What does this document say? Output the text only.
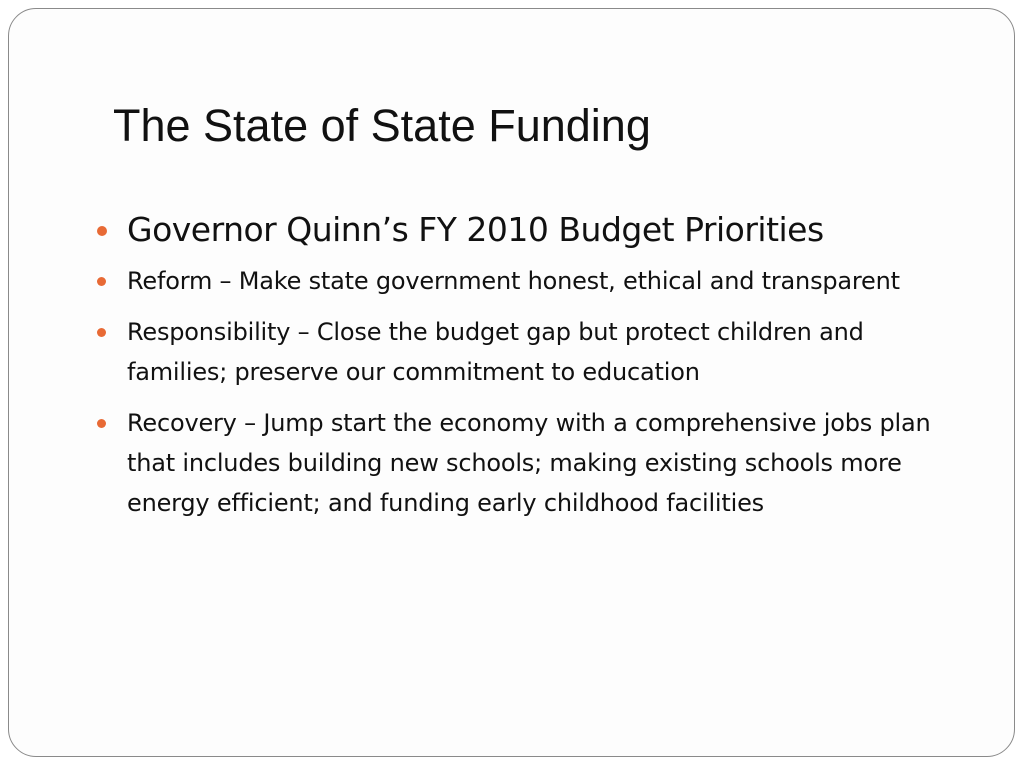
The State of State Funding
Governor Quinn’s FY 2010 Budget Priorities
Reform – Make state government honest, ethical and transparent
Responsibility – Close the budget gap but protect children and families; preserve our commitment to education
Recovery – Jump start the economy with a comprehensive jobs plan that includes building new schools; making existing schools more energy efficient; and funding early childhood facilities
